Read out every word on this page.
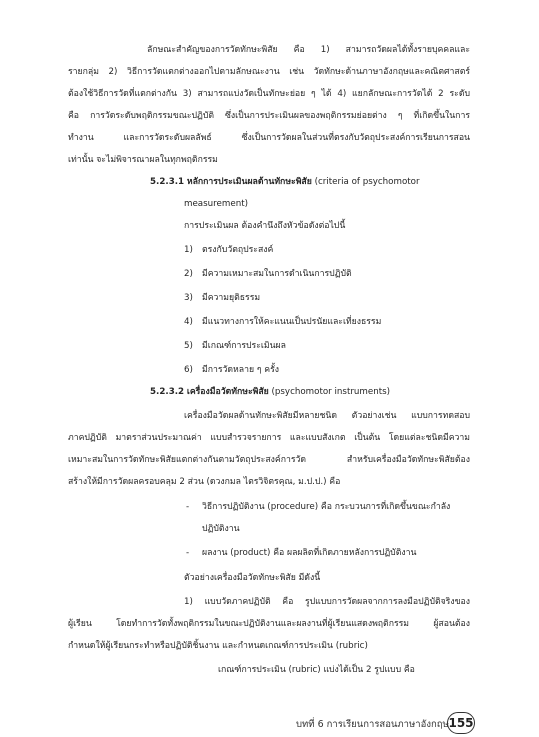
ลักษณะสำคัญของการวัดทักษะพิสัย คือ 1) สามารถวัดผลได้ทั้งรายบุคคลและ
รายกลุ่ม 2) วิธีการวัดแตกต่างออกไปตามลักษณะงาน เช่น วัดทักษะด้านภาษาอังกฤษและคณิตศาสตร์
ต้องใช้วิธีการวัดที่แตกต่างกัน 3) สามารถแบ่งวัดเป็นทักษะย่อย ๆ ได้ 4) แยกลักษณะการวัดได้ 2 ระดับ
คือ การวัดระดับพฤติกรรมขณะปฏิบัติ ซึ่งเป็นการประเมินผลของพฤติกรรมย่อยต่าง ๆ ที่เกิดขึ้นในการ
ทำงาน และการวัดระดับผลลัพธ์ ซึ่งเป็นการวัดผลในส่วนที่ตรงกับวัตถุประสงค์การเรียนการสอน
เท่านั้น จะไม่พิจารณาผลในทุกพฤติกรรม
5.2.3.1 หลักการประเมินผลด้านทักษะพิสัย (criteria of psychomotor
measurement)
การประเมินผล ต้องคำนึงถึงหัวข้อดังต่อไปนี้
1) ตรงกับวัตถุประสงค์
2) มีความเหมาะสมในการดำเนินการปฏิบัติ
3) มีความยุติธรรม
4) มีแนวทางการให้คะแนนเป็นปรนัยและเที่ยงธรรม
5) มีเกณฑ์การประเมินผล
6) มีการวัดหลาย ๆ ครั้ง
5.2.3.2 เครื่องมือวัดทักษะพิสัย (psychomotor instruments)
เครื่องมือวัดผลด้านทักษะพิสัยมีหลายชนิด ตัวอย่างเช่น แบบการทดสอบ
ภาคปฏิบัติ มาตราส่วนประมาณค่า แบบสำรวจรายการ และแบบสังเกต เป็นต้น โดยแต่ละชนิดมีความ
เหมาะสมในการวัดทักษะพิสัยแตกต่างกันตามวัตถุประสงค์การวัด สำหรับเครื่องมือวัดทักษะพิสัยต้อง
สร้างให้มีการวัดผลครอบคลุม 2 ส่วน (ดวงกมล ไตรวิจิตรคุณ, ม.ป.ป.) คือ
- วิธีการปฏิบัติงาน (procedure) คือ กระบวนการที่เกิดขึ้นขณะกำลัง
ปฏิบัติงาน
- ผลงาน (product) คือ ผลผลิตที่เกิดภายหลังการปฏิบัติงาน
ตัวอย่างเครื่องมือวัดทักษะพิสัย มีดังนี้
1) แบบวัดภาคปฏิบัติ คือ รูปแบบการวัดผลจากการลงมือปฏิบัติจริงของ
ผู้เรียน โดยทำการวัดทั้งพฤติกรรมในขณะปฏิบัติงานและผลงานที่ผู้เรียนแสดงพฤติกรรม ผู้สอนต้อง
กำหนดให้ผู้เรียนกระทำหรือปฏิบัติชิ้นงาน และกำหนดเกณฑ์การประเมิน (rubric)
เกณฑ์การประเมิน (rubric) แบ่งได้เป็น 2 รูปแบบ คือ
บทที่ 6 การเรียนการสอนภาษาอังกฤษ 155
